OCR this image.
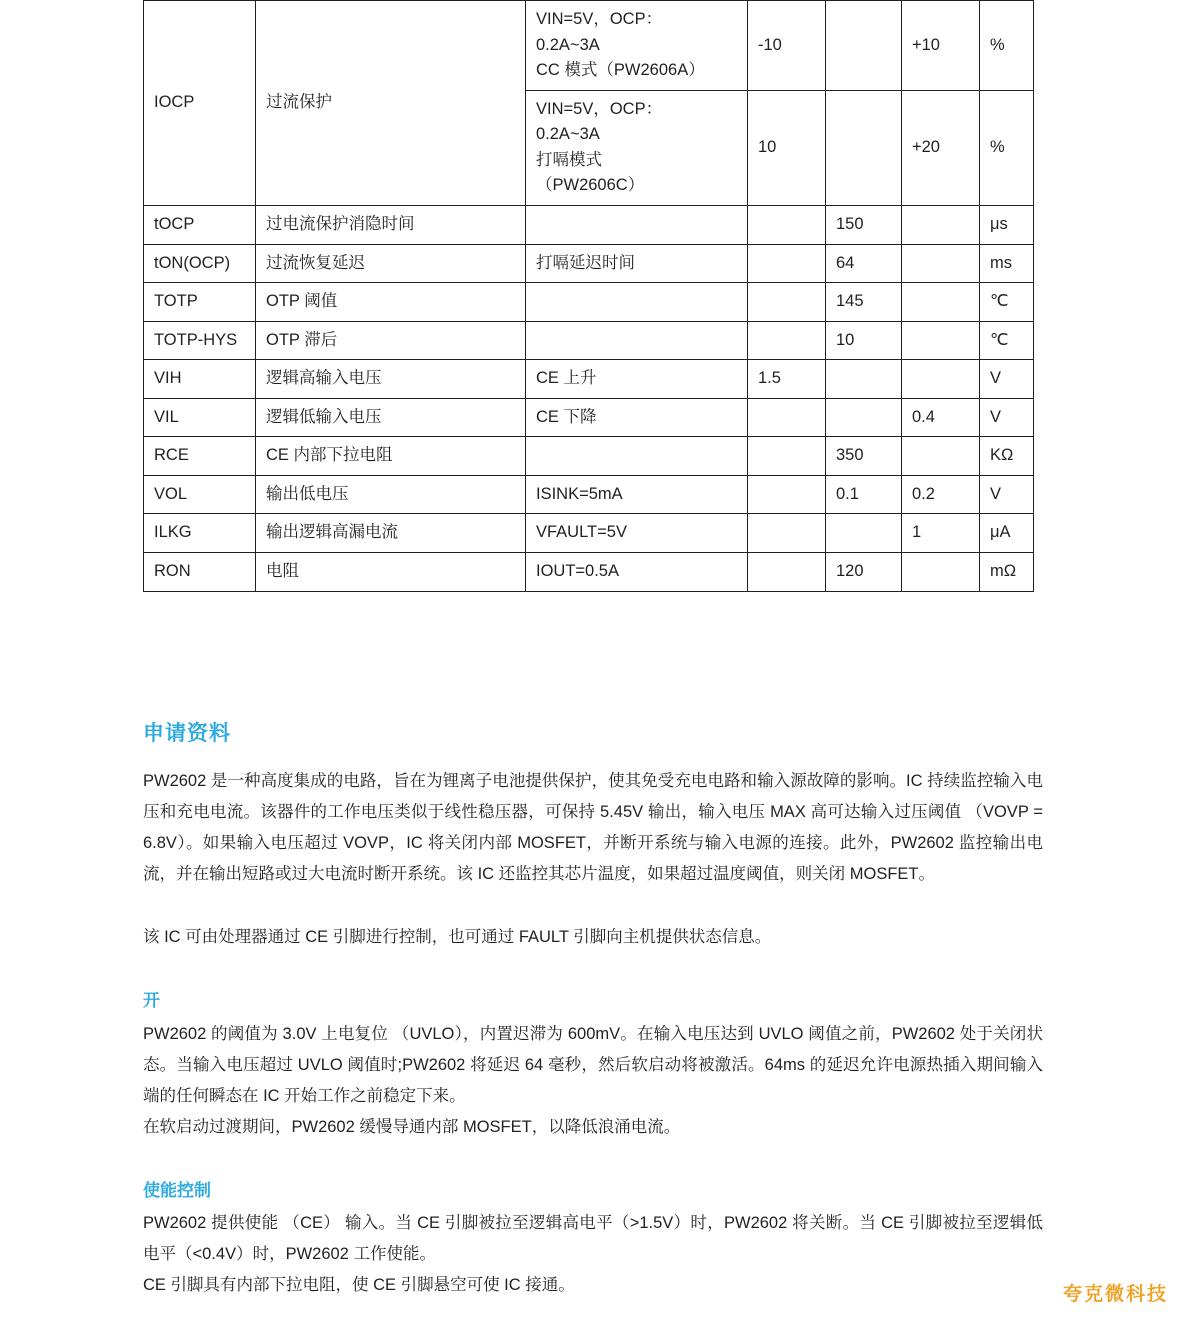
IOCP	过流保护	VIN=5V，OCP：
0.2A~3A
CC 模式（PW2606A）	-10		+10	%

		VIN=5V，OCP：
0.2A~3A
打嗝模式
（PW2606C）	10		+20	%
tOCP	过电流保护消隐时间			150		μs
tON(OCP)	过流恢复延迟	打嗝延迟时间		64		ms
TOTP	OTP 阈值			145		℃
TOTP-HYS	OTP 滞后			10		℃
VIH	逻辑高输入电压	CE 上升	1.5			V
VIL	逻辑低输入电压	CE 下降			0.4	V
RCE	CE 内部下拉电阻			350		KΩ
VOL	输出低电压	ISINK=5mA		0.1	0.2	V
ILKG	输出逻辑高漏电流	VFAULT=5V			1	μA
RON	电阻	IOUT=0.5A		120		mΩ
申请资料
PW2602 是一种高度集成的电路，旨在为锂离子电池提供保护，使其免受充电电路和输入源故障的影响。IC 持续监控输入电压和充电电流。该器件的工作电压类似于线性稳压器，可保持 5.45V 输出，输入电压 MAX 高可达输入过压阈值 （VOVP = 6.8V）。如果输入电压超过 VOVP，IC 将关闭内部 MOSFET，并断开系统与输入电源的连接。此外，PW2602 监控输出电流，并在输出短路或过大电流时断开系统。该 IC 还监控其芯片温度，如果超过温度阈值，则关闭 MOSFET。
该 IC 可由处理器通过 CE 引脚进行控制，也可通过 FAULT 引脚向主机提供状态信息。
开
PW2602 的阈值为 3.0V 上电复位 （UVLO），内置迟滞为 600mV。在输入电压达到 UVLO 阈值之前，PW2602 处于关闭状态。当输入电压超过 UVLO 阈值时;PW2602 将延迟 64 毫秒，然后软启动将被激活。64ms 的延迟允许电源热插入期间输入端的任何瞬态在 IC 开始工作之前稳定下来。
在软启动过渡期间，PW2602 缓慢导通内部 MOSFET，以降低浪涌电流。
使能控制
PW2602 提供使能 （CE） 输入。当 CE 引脚被拉至逻辑高电平（>1.5V）时，PW2602 将关断。当 CE 引脚被拉至逻辑低电平（<0.4V）时，PW2602 工作使能。
CE 引脚具有内部下拉电阻，使 CE 引脚悬空可使 IC 接通。	夸克微科技
